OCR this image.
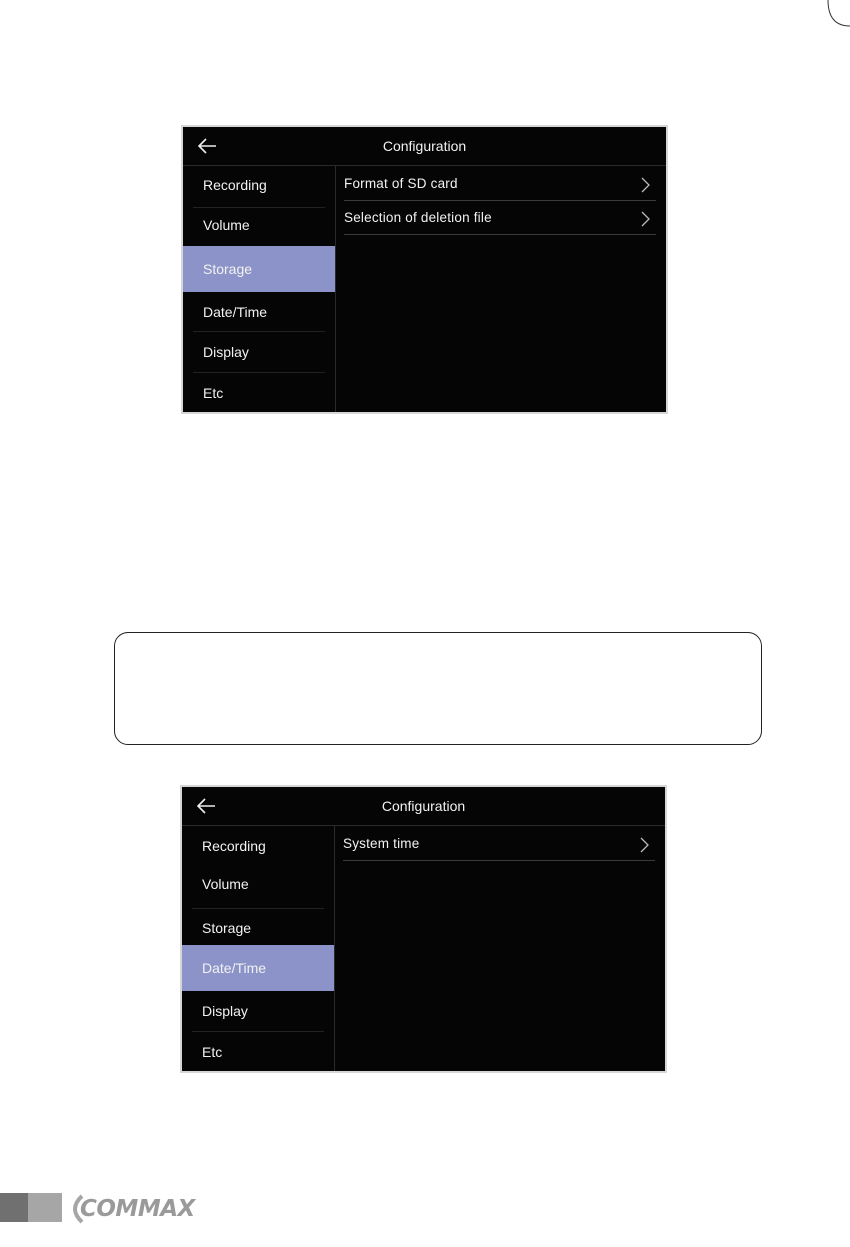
Configuration
Recording
Volume
Storage
Date/Time
Display
Etc
Format of SD card
Selection of deletion file
Configuration
Recording
Volume
Storage
Date/Time
Display
Etc
System time
COMMAX
